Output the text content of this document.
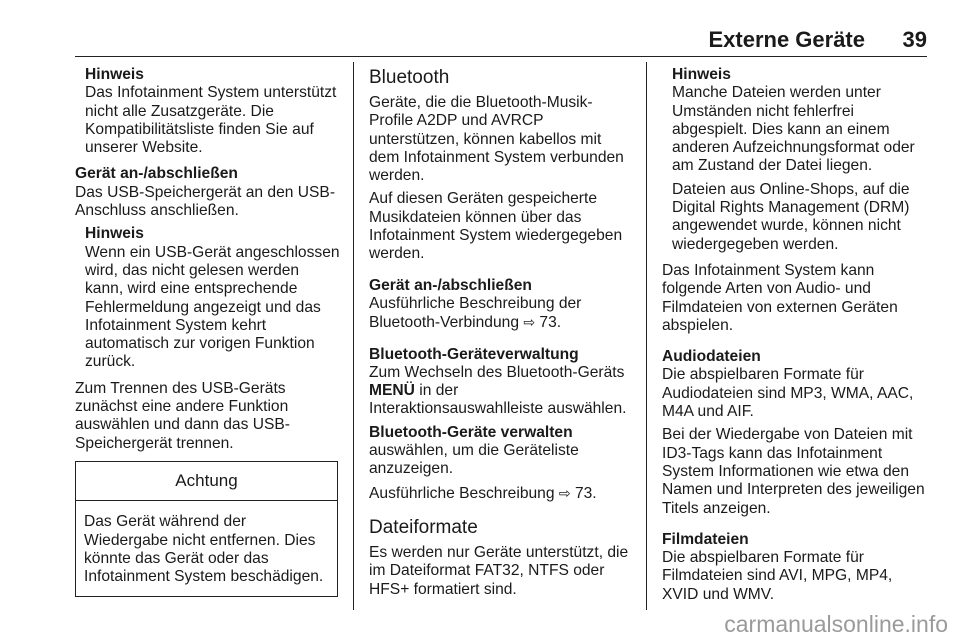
Externe Geräte 39
Hinweis
Das Infotainment System unterstützt nicht alle Zusatzgeräte. Die Kompatibilitätsliste finden Sie auf unserer Website.
Gerät an-/abschließen

Das USB-Speichergerät an den USB-Anschluss anschließen.

Hinweis
Wenn ein USB-Gerät angeschlossen wird, das nicht gelesen werden kann, wird eine entsprechende Fehlermeldung angezeigt und das Infotainment System kehrt automatisch zur vorigen Funktion zurück.

Zum Trennen des USB-Geräts zunächst eine andere Funktion auswählen und dann das USB-Speichergerät trennen.

Achtung
Das Gerät während der Wiedergabe nicht entfernen. Dies könnte das Gerät oder das Infotainment System beschädigen.
Bluetooth

Geräte, die die Bluetooth-Musik-Profile A2DP und AVRCP unterstützen, können kabellos mit dem Infotainment System verbunden werden.

Auf diesen Geräten gespeicherte Musikdateien können über das Infotainment System wiedergegeben werden.

Gerät an-/abschließen

Ausführliche Beschreibung der Bluetooth-Verbindung ⇨ 73.

Bluetooth-Geräteverwaltung

Zum Wechseln des Bluetooth-Geräts MENÜ in der Interaktionsauswahlleiste auswählen.

Bluetooth-Geräte verwalten auswählen, um die Geräteliste anzuzeigen.

Ausführliche Beschreibung ⇨ 73.

Dateiformate

Es werden nur Geräte unterstützt, die im Dateiformat FAT32, NTFS oder HFS+ formatiert sind.

Hinweis

Manche Dateien werden unter Umständen nicht fehlerfrei abgespielt. Dies kann an einem anderen Aufzeichnungsformat oder am Zustand der Datei liegen.

Dateien aus Online-Shops, auf die Digital Rights Management (DRM) angewendet wurde, können nicht wiedergegeben werden.

Das Infotainment System kann folgende Arten von Audio- und Filmdateien von externen Geräten abspielen.

Audiodateien

Die abspielbaren Formate für Audiodateien sind MP3, WMA, AAC, M4A und AIF.

Bei der Wiedergabe von Dateien mit ID3-Tags kann das Infotainment System Informationen wie etwa den Namen und Interpreten des jeweiligen Titels anzeigen.

Filmdateien

Die abspielbaren Formate für Filmdateien sind AVI, MPG, MP4, XVID und WMV.

carmanualsonline.info
